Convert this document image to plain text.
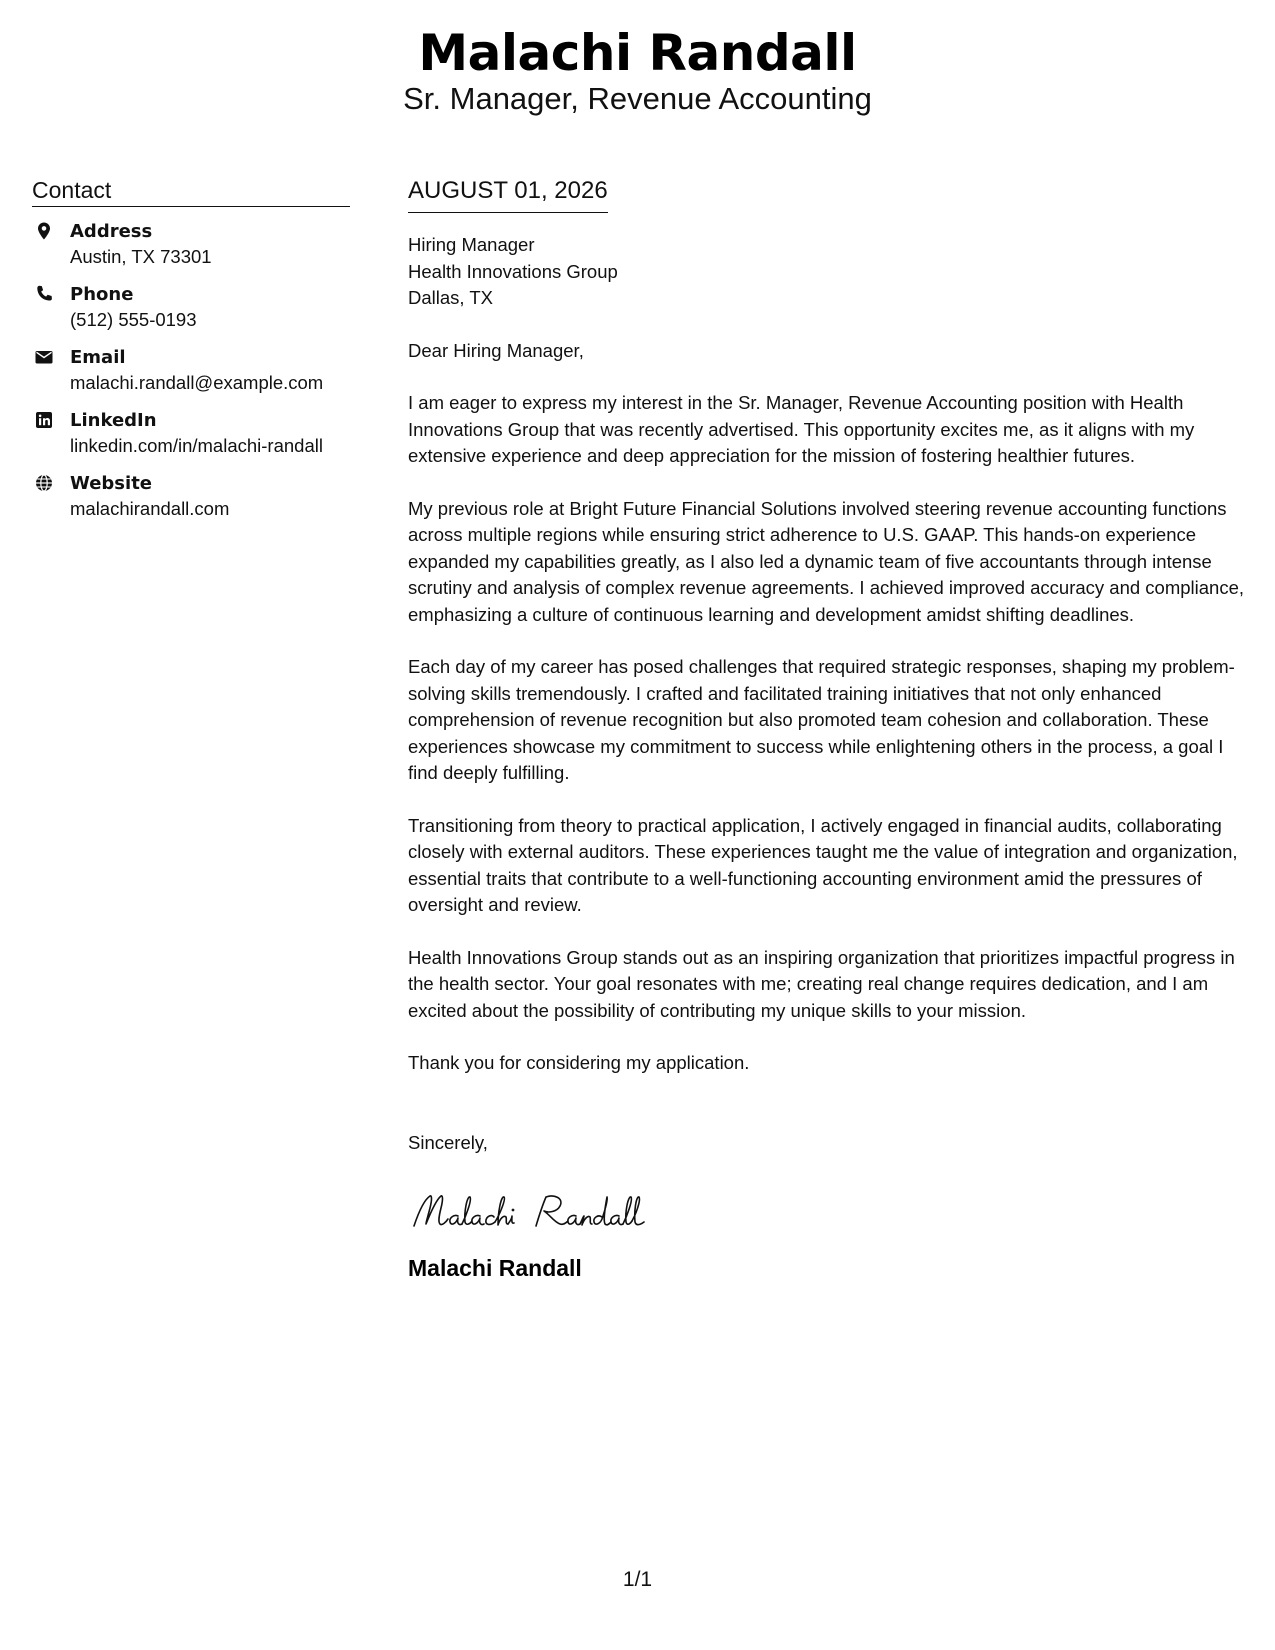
Malachi Randall
Sr. Manager, Revenue Accounting
Contact
Address
Austin, TX 73301
Phone
(512) 555-0193
Email
malachi.randall@example.com
LinkedIn
linkedin.com/in/malachi-randall
Website
malachirandall.com
AUGUST 01, 2026
Hiring Manager
Health Innovations Group
Dallas, TX
Dear Hiring Manager,
I am eager to express my interest in the Sr. Manager, Revenue Accounting position with Health Innovations Group that was recently advertised. This opportunity excites me, as it aligns with my extensive experience and deep appreciation for the mission of fostering healthier futures.
My previous role at Bright Future Financial Solutions involved steering revenue accounting functions across multiple regions while ensuring strict adherence to U.S. GAAP. This hands-on experience expanded my capabilities greatly, as I also led a dynamic team of five accountants through intense scrutiny and analysis of complex revenue agreements. I achieved improved accuracy and compliance, emphasizing a culture of continuous learning and development amidst shifting deadlines.
Each day of my career has posed challenges that required strategic responses, shaping my problem-solving skills tremendously. I crafted and facilitated training initiatives that not only enhanced comprehension of revenue recognition but also promoted team cohesion and collaboration. These experiences showcase my commitment to success while enlightening others in the process, a goal I find deeply fulfilling.
Transitioning from theory to practical application, I actively engaged in financial audits, collaborating closely with external auditors. These experiences taught me the value of integration and organization, essential traits that contribute to a well-functioning accounting environment amid the pressures of oversight and review.
Health Innovations Group stands out as an inspiring organization that prioritizes impactful progress in the health sector. Your goal resonates with me; creating real change requires dedication, and I am excited about the possibility of contributing my unique skills to your mission.
Thank you for considering my application.
Sincerely,
Malachi Randall
1/1
